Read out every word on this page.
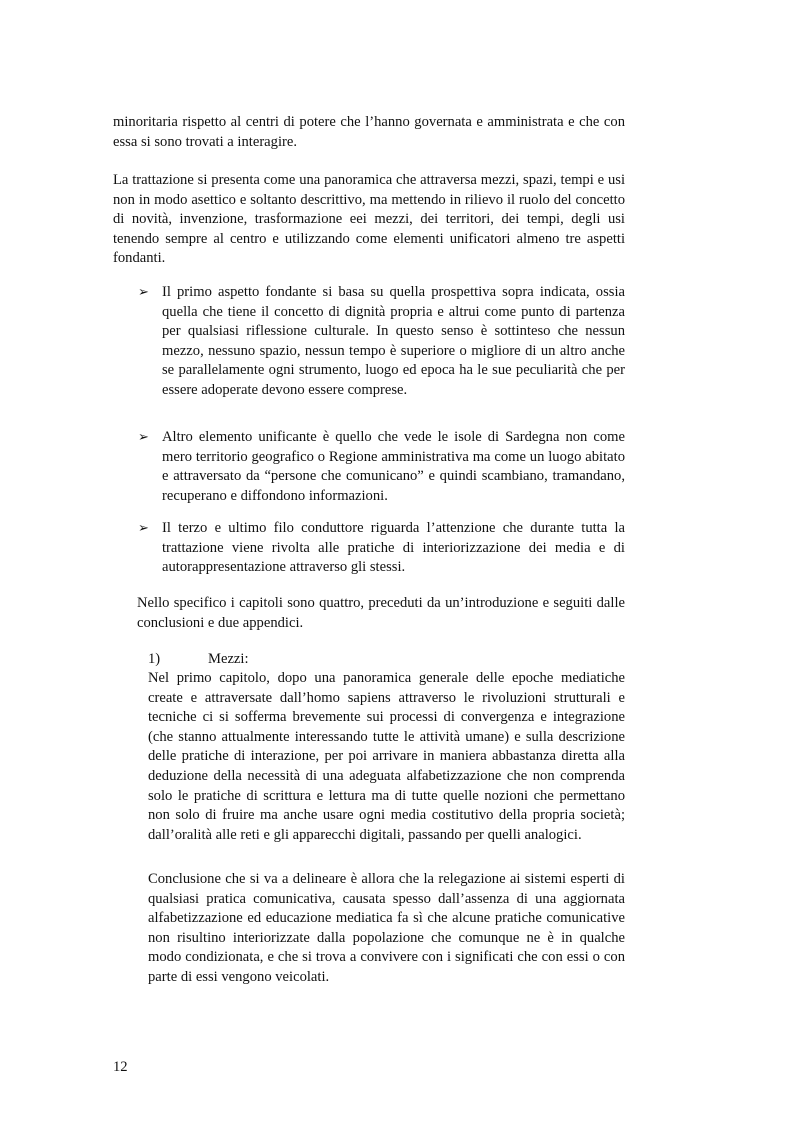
minoritaria rispetto al centri di potere che l’hanno governata e amministrata e che con essa si sono trovati a interagire.

La trattazione si presenta come una panoramica che attraversa mezzi, spazi, tempi e usi non in modo asettico e soltanto descrittivo, ma mettendo in rilievo il ruolo del concetto di novità, invenzione, trasformazione eei mezzi, dei territori, dei tempi, degli usi tenendo sempre al centro e utilizzando come elementi unificatori almeno tre aspetti fondanti.

➢ Il primo aspetto fondante si basa su quella prospettiva sopra indicata, ossia quella che tiene il concetto di dignità propria e altrui come punto di partenza per qualsiasi riflessione culturale. In questo senso è sottinteso che nessun mezzo, nessuno spazio, nessun tempo è superiore o migliore di un altro anche se parallelamente ogni strumento, luogo ed epoca ha le sue peculiarità che per essere adoperate devono essere comprese.

➢ Altro elemento unificante è quello che vede le isole di Sardegna non come mero territorio geografico o Regione amministrativa ma come un luogo abitato e attraversato da “persone che comunicano” e quindi scambiano, tramandano, recuperano e diffondono informazioni.

➢ Il terzo e ultimo filo conduttore riguarda l’attenzione che durante tutta la trattazione viene rivolta alle pratiche di interiorizzazione dei media e di autorappresentazione attraverso gli stessi.

Nello specifico i capitoli sono quattro, preceduti da un’introduzione e seguiti dalle conclusioni e due appendici.

1)	Mezzi:

Nel primo capitolo, dopo una panoramica generale delle epoche mediatiche create e attraversate dall’homo sapiens attraverso le rivoluzioni strutturali e tecniche ci si sofferma brevemente sui processi di convergenza e integrazione (che stanno attualmente interessando tutte le attività umane) e sulla descrizione delle pratiche di interazione, per poi arrivare in maniera abbastanza diretta alla deduzione della necessità di una adeguata alfabetizzazione che non comprenda solo le pratiche di scrittura e lettura ma di tutte quelle nozioni che permettano non solo di fruire ma anche usare ogni media costitutivo della propria società; dall’oralità alle reti e gli apparecchi digitali, passando per quelli analogici.

Conclusione che si va a delineare è allora che la relegazione ai sistemi esperti di qualsiasi pratica comunicativa, causata spesso dall’assenza di una aggiornata alfabetizzazione ed educazione mediatica fa sì che alcune pratiche comunicative non risultino interiorizzate dalla popolazione che comunque ne è in qualche modo condizionata, e che si trova a convivere con i significati che con essi o con parte di essi vengono veicolati.

12
